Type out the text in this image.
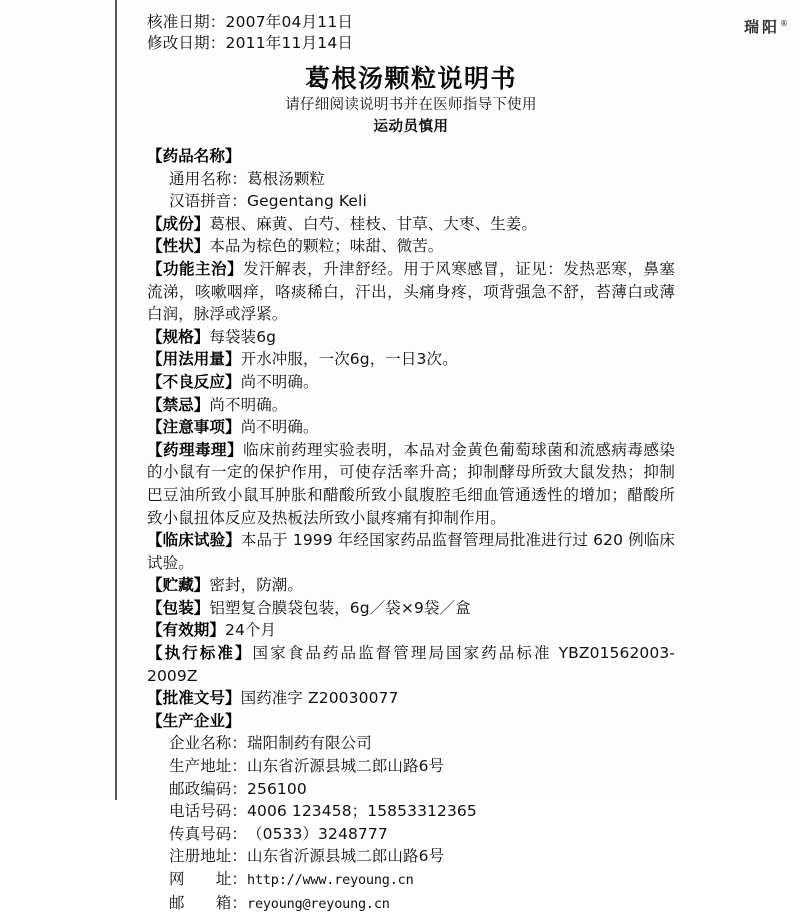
瑞阳®
核准日期：2007年04月11日
修改日期：2011年11月14日
葛根汤颗粒说明书
请仔细阅读说明书并在医师指导下使用
运动员慎用

【药品名称】

通用名称：葛根汤颗粒

汉语拼音：Gegentang Keli

【成份】葛根、麻黄、白芍、桂枝、甘草、大枣、生姜。

【性状】本品为棕色的颗粒；味甜、微苦。

【功能主治】发汗解表，升津舒经。用于风寒感冒，证见：发热恶寒，鼻塞流涕，咳嗽咽痒，咯痰稀白，汗出，头痛身疼，项背强急不舒，苔薄白或薄白润，脉浮或浮紧。

【规格】每袋装6g

【用法用量】开水冲服，一次6g，一日3次。

【不良反应】尚不明确。

【禁忌】尚不明确。

【注意事项】尚不明确。

【药理毒理】临床前药理实验表明，本品对金黄色葡萄球菌和流感病毒感染的小鼠有一定的保护作用，可使存活率升高；抑制酵母所致大鼠发热；抑制巴豆油所致小鼠耳肿胀和醋酸所致小鼠腹腔毛细血管通透性的增加；醋酸所致小鼠扭体反应及热板法所致小鼠疼痛有抑制作用。

【临床试验】本品于 1999 年经国家药品监督管理局批准进行过 620 例临床试验。

【贮藏】密封，防潮。

【包装】铝塑复合膜袋包装，6g／袋×9袋／盒

【有效期】24个月

【执行标准】国家食品药品监督管理局国家药品标准 YBZ01562003-2009Z

【批准文号】国药准字 Z20030077

【生产企业】

企业名称：瑞阳制药有限公司
生产地址：山东省沂源县城二郎山路6号
邮政编码：256100
电话号码：4006 123458；15853312365
传真号码：（0533）3248777
注册地址：山东省沂源县城二郎山路6号
网　　址：http://www.reyoung.cn
邮　　箱：reyoung@reyoung.cn
